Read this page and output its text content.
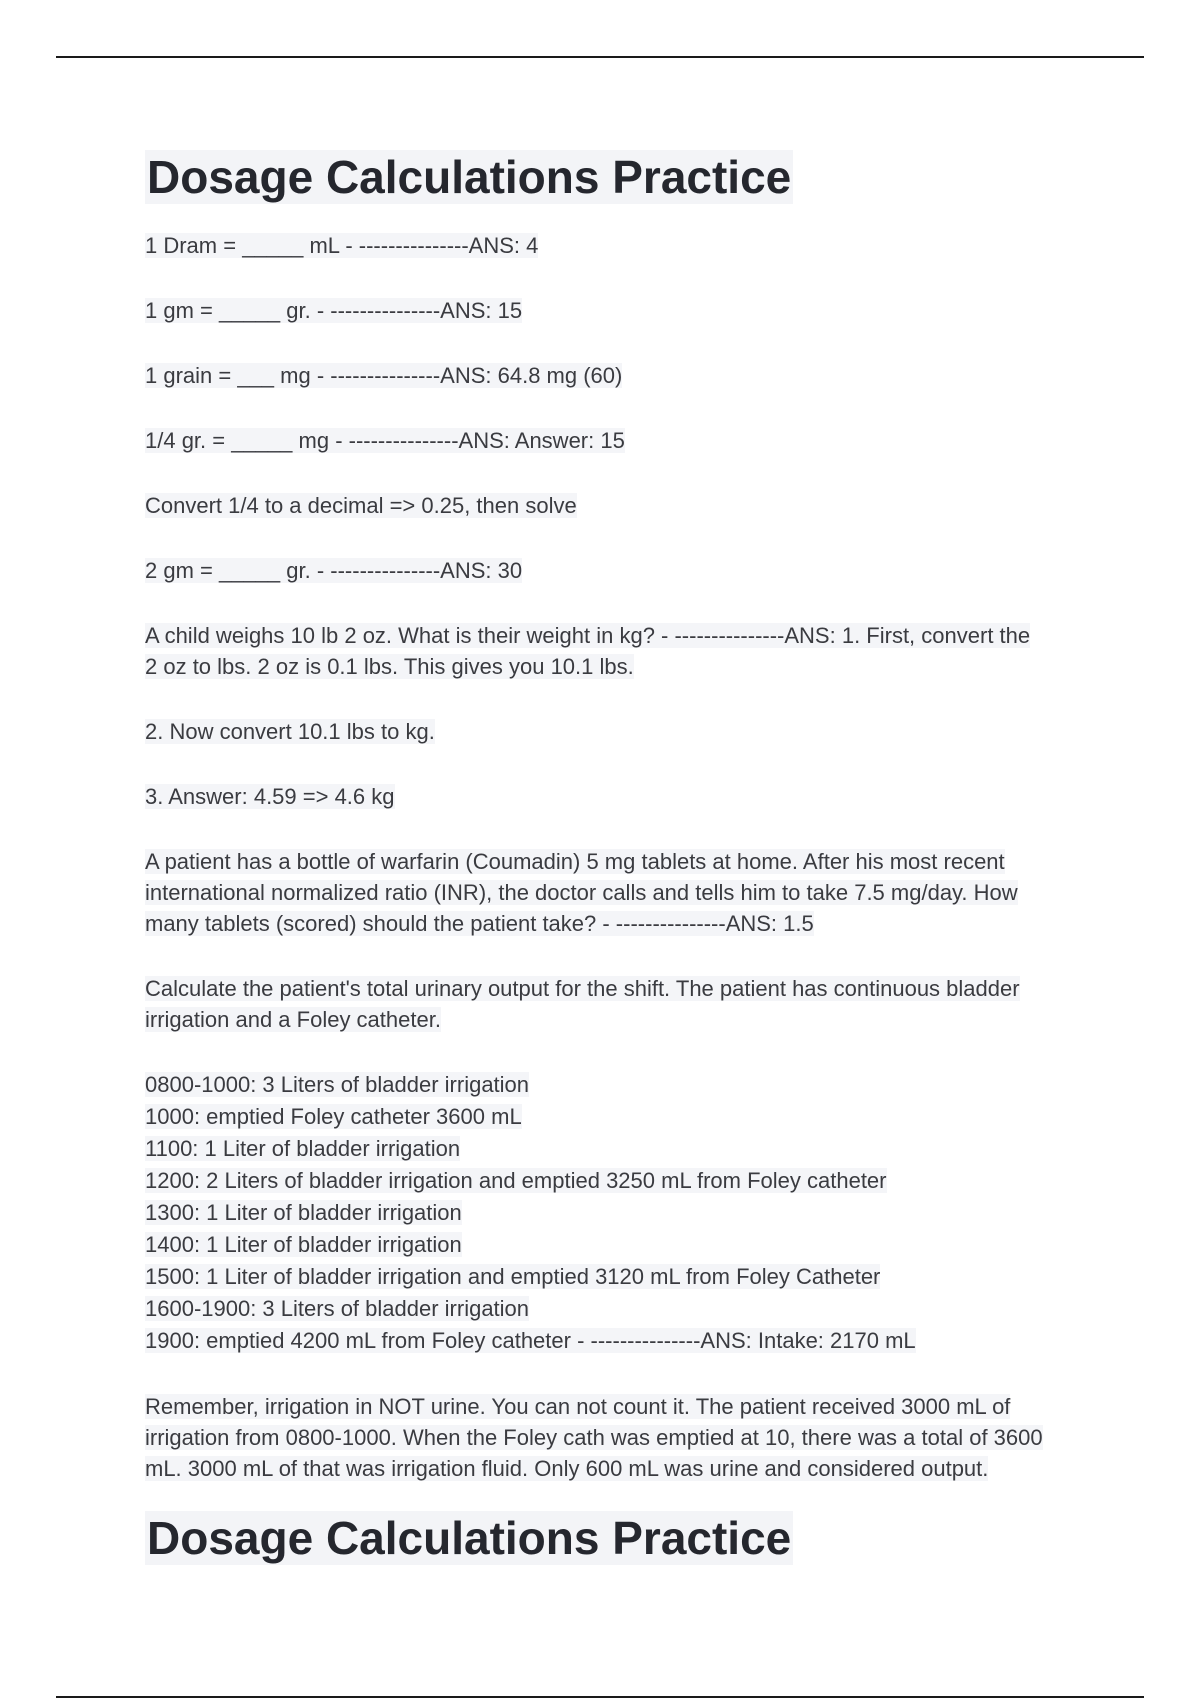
Dosage Calculations Practice

1 Dram = _____ mL - ---------------ANS: 4

1 gm = _____ gr. - ---------------ANS: 15

1 grain = ___ mg - ---------------ANS: 64.8 mg (60)

1/4 gr. = _____ mg - ---------------ANS: Answer: 15

Convert 1/4 to a decimal => 0.25, then solve

2 gm = _____ gr. - ---------------ANS: 30

A child weighs 10 lb 2 oz. What is their weight in kg? - ---------------ANS: 1. First, convert the 2 oz to lbs. 2 oz is 0.1 lbs. This gives you 10.1 lbs.

2. Now convert 10.1 lbs to kg.

3. Answer: 4.59 => 4.6 kg

A patient has a bottle of warfarin (Coumadin) 5 mg tablets at home. After his most recent international normalized ratio (INR), the doctor calls and tells him to take 7.5 mg/day. How many tablets (scored) should the patient take? - ---------------ANS: 1.5

Calculate the patient's total urinary output for the shift. The patient has continuous bladder irrigation and a Foley catheter.

0800-1000: 3 Liters of bladder irrigation
1000: emptied Foley catheter 3600 mL
1100: 1 Liter of bladder irrigation
1200: 2 Liters of bladder irrigation and emptied 3250 mL from Foley catheter
1300: 1 Liter of bladder irrigation
1400: 1 Liter of bladder irrigation
1500: 1 Liter of bladder irrigation and emptied 3120 mL from Foley Catheter
1600-1900: 3 Liters of bladder irrigation
1900: emptied 4200 mL from Foley catheter - ---------------ANS: Intake: 2170 mL

Remember, irrigation in NOT urine. You can not count it. The patient received 3000 mL of irrigation from 0800-1000. When the Foley cath was emptied at 10, there was a total of 3600 mL. 3000 mL of that was irrigation fluid. Only 600 mL was urine and considered output.

Dosage Calculations Practice
